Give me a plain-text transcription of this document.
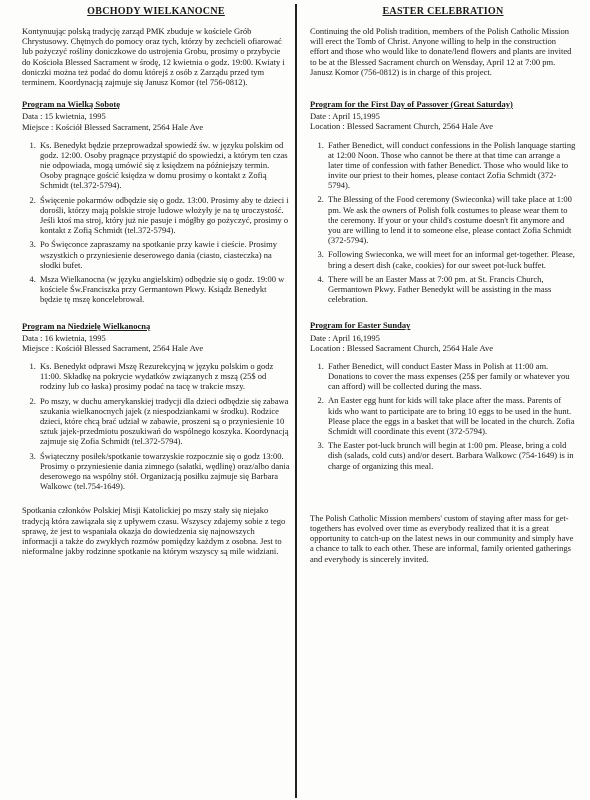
OBCHODY WIELKANOCNE
Kontynuując polską tradycję zarząd PMK zbuduje w kościele Grób Chrystusowy. Chętnych do pomocy oraz tych, którzy by zechcieli ofiarować lub pożyczyć rośliny doniczkowe do ustrojenia Grobu, prosimy o przybycie do Kościoła Blessed Sacrament w środę, 12 kwietnia o godz. 19:00. Kwiaty i doniczki można też podać do domu którejś z osób z Zarządu przed tym terminem. Koordynacją zajmuje się Janusz Komor (tel 756-0812).
Program na Wielką Sobotę
Data : 15 kwietnia, 1995
Miejsce : Kościół Blessed Sacrament, 2564 Hale Ave
1. Ks. Benedykt będzie przeprowadzał spowiedź św. w języku polskim od godz. 12:00. Osoby pragnące przystąpić do spowiedzi, a którym ten czas nie odpowiada, mogą umówić się z księdzem na późniejszy termin. Osoby pragnące gościć księdza w domu prosimy o kontakt z Zofią Schmidt (tel.372-5794).
2. Święcenie pokarmów odbędzie się o godz. 13:00. Prosimy aby te dzieci i dorośli, którzy mają polskie stroje ludowe włożyły je na tę uroczystość. Jeśli ktoś ma stroj, który już nie pasuje i mógłby go pożyczyć, prosimy o kontakt z Zofią Schmidt (tel.372-5794).
3. Po Święconce zapraszamy na spotkanie przy kawie i cieście. Prosimy wszystkich o przyniesienie deserowego dania (ciasto, ciasteczka) na słodki bufet.
4. Msza Wielkanocna (w języku angielskim) odbędzie się o godz. 19:00 w kościele Św.Franciszka przy Germantown Pkwy. Ksiądz Benedykt będzie tę mszę koncelebrował.
Program na Niedzielę Wielkanocną
Data : 16 kwietnia, 1995
Miejsce : Kościół Blessed Sacrament, 2564 Hale Ave
1. Ks. Benedykt odprawi Mszę Rezurekcyjną w języku polskim o godz 11:00. Składkę na pokrycie wydatków związanych z mszą (25$ od rodziny lub co łaska) prosimy podać na tacę w trakcie mszy.
2. Po mszy, w duchu amerykanskiej tradycji dla dzieci odbędzie się zabawa szukania wielkanocnych jajek (z niespodziankami w środku). Rodzice dzieci, które chcą brać udział w zabawie, proszeni są o przyniesienie 10 sztuk jajek-przedmiotu poszukiwań do wspólnego koszyka. Koordynacją zajmuje się Zofia Schmidt (tel.372-5794).
3. Świąteczny posiłek/spotkanie towarzyskie rozpocznie się o godz 13:00. Prosimy o przyniesienie dania zimnego (sałatki, wędlinę) oraz/albo dania deserowego na wspólny stół. Organizacją posiłku zajmuje się Barbara Walkowc (tel.754-1649).
Spotkania członków Polskiej Misji Katolickiej po mszy stały się niejako tradycją która zawiązała się z upływem czasu. Wszyscy zdajemy sobie z tego sprawę, że jest to wspaniała okazja do dowiedzenia się najnowszych informacji a także do zwykłych rozmów pomiędzy każdym z osobna. Jest to nieformalne jakby rodzinne spotkanie na którym wszyscy są mile widziani.
EASTER CELEBRATION
Continuing the old Polish tradition, members of the Polish Catholic Mission will erect the Tomb of Christ. Anyone willing to help in the construction effort and those who would like to donate/lend flowers and plants are invited to be at the Blessed Sacrament church on Wensday, April 12 at 7:00 pm. Janusz Komor (756-0812) is in charge of this project.
Program for the First Day of Passover (Great Saturday)
Date : April 15,1995
Location : Blessed Sacrament Church, 2564 Hale Ave
1. Father Benedict, will conduct confessions in the Polish lanquage starting at 12:00 Noon. Those who cannot be there at that time can arrange a later time of confession with father Benedict. Those who would like to invite our priest to their homes, please contact Zofia Schmidt (372-5794).
2. The Blessing of the Food ceremony (Swieconka) will take place at 1:00 pm. We ask the owners of Polish folk costumes to please wear them to the ceremony. If your or your child's costume doesn't fit anymore and you are willing to lend it to someone else, please contact Zofia Schmidt (372-5794).
3. Following Swieconka, we will meet for an informal get-together. Please, bring a desert dish (cake, cookies) for our sweet pot-luck buffet.
4. There will be an Easter Mass at 7:00 pm. at St. Francis Church, Germantown Pkwy. Father Benedykt will be assisting in the mass celebration.
Program for Easter Sunday
Date : April 16,1995
Location : Blessed Sacrament Church, 2564 Hale Ave
1. Father Benedict, will conduct Easter Mass in Polish at 11:00 am. Donations to cover the mass expenses (25$ per family or whatever you can afford) will be collected during the mass.
2. An Easter egg hunt for kids will take place after the mass. Parents of kids who want to participate are to bring 10 eggs to be used in the hunt. Please place the eggs in a basket that will be located in the church. Zofia Schmidt will coordinate this event (372-5794).
3. The Easter pot-luck brunch will begin at 1:00 pm. Please, bring a cold dish (salads, cold cuts) and/or desert. Barbara Walkowc (754-1649) is in charge of organizing this meal.
The Polish Catholic Mission members' custom of staying after mass for get-togethers has evolved over time as everybody realized that it is a great opportunity to catch-up on the latest news in our community and simply have a chance to talk to each other. These are informal, family oriented gatherings and everybody is sincerely invited.
